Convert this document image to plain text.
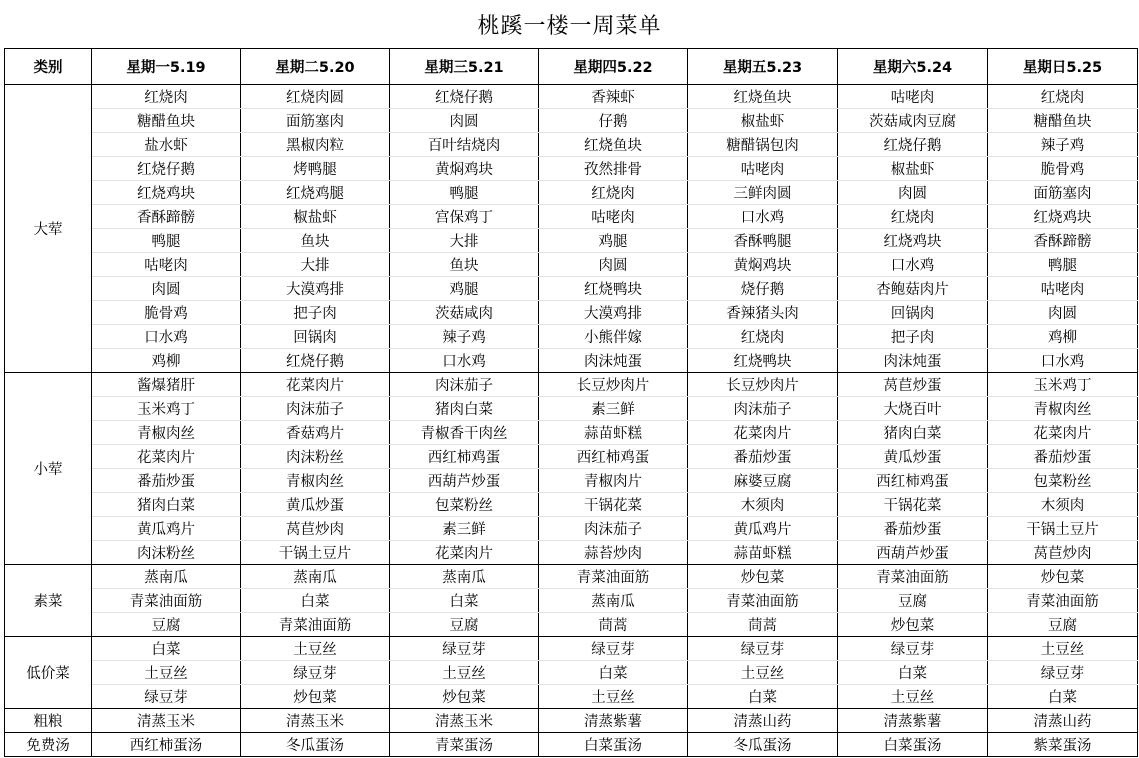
桃蹊一楼一周菜单
类别	星期一5.19	星期二5.20	星期三5.21	星期四5.22	星期五5.23	星期六5.24	星期日5.25
大荤	红烧肉	红烧肉圆	红烧仔鹅	香辣虾	红烧鱼块	咕咾肉	红烧肉
	糖醋鱼块	面筋塞肉	肉圆	仔鹅	椒盐虾	茨菇咸肉豆腐	糖醋鱼块
	盐水虾	黑椒肉粒	百叶结烧肉	红烧鱼块	糖醋锅包肉	红烧仔鹅	辣子鸡
	红烧仔鹅	烤鸭腿	黄焖鸡块	孜然排骨	咕咾肉	椒盐虾	脆骨鸡
	红烧鸡块	红烧鸡腿	鸭腿	红烧肉	三鲜肉圆	肉圆	面筋塞肉
	香酥蹄髈	椒盐虾	宫保鸡丁	咕咾肉	口水鸡	红烧肉	红烧鸡块
	鸭腿	鱼块	大排	鸡腿	香酥鸭腿	红烧鸡块	香酥蹄髈
	咕咾肉	大排	鱼块	肉圆	黄焖鸡块	口水鸡	鸭腿
	肉圆	大漠鸡排	鸡腿	红烧鸭块	烧仔鹅	杏鲍菇肉片	咕咾肉
	脆骨鸡	把子肉	茨菇咸肉	大漠鸡排	香辣猪头肉	回锅肉	肉圆
	口水鸡	回锅肉	辣子鸡	小熊伴嫁	红烧肉	把子肉	鸡柳
	鸡柳	红烧仔鹅	口水鸡	肉沫炖蛋	红烧鸭块	肉沫炖蛋	口水鸡
小荤	酱爆猪肝	花菜肉片	肉沫茄子	长豆炒肉片	长豆炒肉片	莴苣炒蛋	玉米鸡丁
	玉米鸡丁	肉沫茄子	猪肉白菜	素三鲜	肉沫茄子	大烧百叶	青椒肉丝
	青椒肉丝	香菇鸡片	青椒香干肉丝	蒜苗虾糕	花菜肉片	猪肉白菜	花菜肉片
	花菜肉片	肉沫粉丝	西红柿鸡蛋	西红柿鸡蛋	番茄炒蛋	黄瓜炒蛋	番茄炒蛋
	番茄炒蛋	青椒肉丝	西葫芦炒蛋	青椒肉片	麻婆豆腐	西红柿鸡蛋	包菜粉丝
	猪肉白菜	黄瓜炒蛋	包菜粉丝	干锅花菜	木须肉	干锅花菜	木须肉
	黄瓜鸡片	莴苣炒肉	素三鲜	肉沫茄子	黄瓜鸡片	番茄炒蛋	干锅土豆片
	肉沫粉丝	干锅土豆片	花菜肉片	蒜苔炒肉	蒜苗虾糕	西葫芦炒蛋	莴苣炒肉
素菜	蒸南瓜	蒸南瓜	蒸南瓜	青菜油面筋	炒包菜	青菜油面筋	炒包菜
	青菜油面筋	白菜	白菜	蒸南瓜	青菜油面筋	豆腐	青菜油面筋
	豆腐	青菜油面筋	豆腐	茼蒿	茼蒿	炒包菜	豆腐
低价菜	白菜	土豆丝	绿豆芽	绿豆芽	绿豆芽	绿豆芽	土豆丝
	土豆丝	绿豆芽	土豆丝	白菜	土豆丝	白菜	绿豆芽
	绿豆芽	炒包菜	炒包菜	土豆丝	白菜	土豆丝	白菜
粗粮	清蒸玉米	清蒸玉米	清蒸玉米	清蒸紫薯	清蒸山药	清蒸紫薯	清蒸山药
免费汤	西红柿蛋汤	冬瓜蛋汤	青菜蛋汤	白菜蛋汤	冬瓜蛋汤	白菜蛋汤	紫菜蛋汤
